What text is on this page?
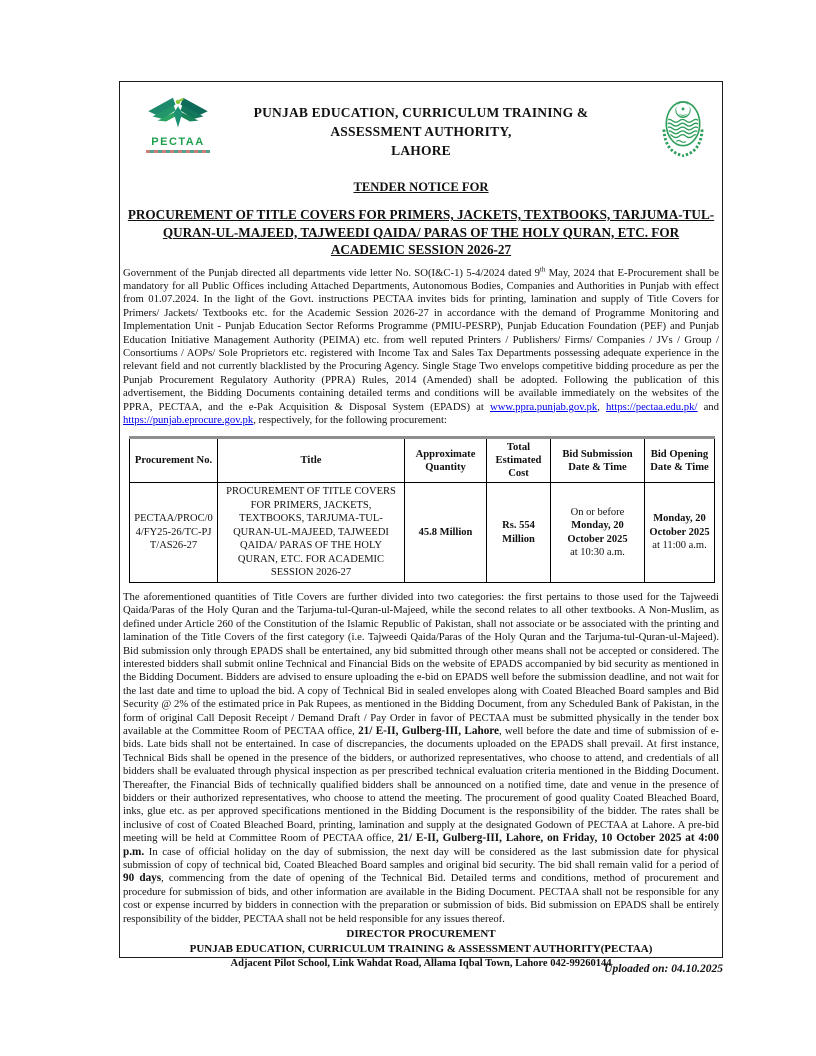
PECTAA
PUNJAB EDUCATION, CURRICULUM TRAINING &
ASSESSMENT AUTHORITY,
LAHORE
TENDER NOTICE FOR
PROCUREMENT OF TITLE COVERS FOR PRIMERS, JACKETS, TEXTBOOKS, TARJUMA-TUL-QURAN-UL-MAJEED, TAJWEEDI QAIDA/ PARAS OF THE HOLY QURAN, ETC. FOR ACADEMIC SESSION 2026-27
Government of the Punjab directed all departments vide letter No. SO(I&C-1) 5-4/2024 dated 9th May, 2024 that E-Procurement shall be mandatory for all Public Offices including Attached Departments, Autonomous Bodies, Companies and Authorities in Punjab with effect from 01.07.2024. In the light of the Govt. instructions PECTAA invites bids for printing, lamination and supply of Title Covers for Primers/ Jackets/ Textbooks etc. for the Academic Session 2026-27 in accordance with the demand of Programme Monitoring and Implementation Unit - Punjab Education Sector Reforms Programme (PMIU-PESRP), Punjab Education Foundation (PEF) and Punjab Education Initiative Management Authority (PEIMA) etc. from well reputed Printers / Publishers/ Firms/ Companies / JVs / Group / Consortiums / AOPs/ Sole Proprietors etc. registered with Income Tax and Sales Tax Departments possessing adequate experience in the relevant field and not currently blacklisted by the Procuring Agency. Single Stage Two envelops competitive bidding procedure as per the Punjab Procurement Regulatory Authority (PPRA) Rules, 2014 (Amended) shall be adopted. Following the publication of this advertisement, the Bidding Documents containing detailed terms and conditions will be available immediately on the websites of the PPRA, PECTAA, and the e-Pak Acquisition & Disposal System (EPADS) at www.ppra.punjab.gov.pk, https://pectaa.edu.pk/ and https://punjab.eprocure.gov.pk, respectively, for the following procurement:
Procurement No.	Title	Approximate Quantity	Total Estimated Cost	Bid Submission Date & Time	Bid Opening Date & Time
PECTAA/PROC/04/FY25-26/TC-PJT/AS26-27	PROCUREMENT OF TITLE COVERS FOR PRIMERS, JACKETS, TEXTBOOKS, TARJUMA-TUL-QURAN-UL-MAJEED, TAJWEEDI QAIDA/ PARAS OF THE HOLY QURAN, ETC. FOR ACADEMIC SESSION 2026-27	45.8 Million	Rs. 554 Million	On or before
Monday, 20 October 2025
at 10:30 a.m.	Monday, 20 October 2025
at 11:00 a.m.
The aforementioned quantities of Title Covers are further divided into two categories: the first pertains to those used for the Tajweedi Qaida/Paras of the Holy Quran and the Tarjuma-tul-Quran-ul-Majeed, while the second relates to all other textbooks. A Non-Muslim, as defined under Article 260 of the Constitution of the Islamic Republic of Pakistan, shall not associate or be associated with the printing and lamination of the Title Covers of the first category (i.e. Tajweedi Qaida/Paras of the Holy Quran and the Tarjuma-tul-Quran-ul-Majeed). Bid submission only through EPADS shall be entertained, any bid submitted through other means shall not be accepted or considered. The interested bidders shall submit online Technical and Financial Bids on the website of EPADS accompanied by bid security as mentioned in the Bidding Document. Bidders are advised to ensure uploading the e-bid on EPADS well before the submission deadline, and not wait for the last date and time to upload the bid. A copy of Technical Bid in sealed envelopes along with Coated Bleached Board samples and Bid Security @ 2% of the estimated price in Pak Rupees, as mentioned in the Bidding Document, from any Scheduled Bank of Pakistan, in the form of original Call Deposit Receipt / Demand Draft / Pay Order in favor of PECTAA must be submitted physically in the tender box available at the Committee Room of PECTAA office, 21/ E-II, Gulberg-III, Lahore, well before the date and time of submission of e-bids. Late bids shall not be entertained. In case of discrepancies, the documents uploaded on the EPADS shall prevail. At first instance, Technical Bids shall be opened in the presence of the bidders, or authorized representatives, who choose to attend, and credentials of all bidders shall be evaluated through physical inspection as per prescribed technical evaluation criteria mentioned in the Bidding Document. Thereafter, the Financial Bids of technically qualified bidders shall be announced on a notified time, date and venue in the presence of bidders or their authorized representatives, who choose to attend the meeting. The procurement of good quality Coated Bleached Board, inks, glue etc. as per approved specifications mentioned in the Bidding Document is the responsibility of the bidder. The rates shall be inclusive of cost of Coated Bleached Board, printing, lamination and supply at the designated Godown of PECTAA at Lahore. A pre-bid meeting will be held at Committee Room of PECTAA office, 21/ E-II, Gulberg-III, Lahore, on Friday, 10 October 2025 at 4:00 p.m. In case of official holiday on the day of submission, the next day will be considered as the last submission date for physical submission of copy of technical bid, Coated Bleached Board samples and original bid security. The bid shall remain valid for a period of 90 days, commencing from the date of opening of the Technical Bid. Detailed terms and conditions, method of procurement and procedure for submission of bids, and other information are available in the Biding Document. PECTAA shall not be responsible for any cost or expense incurred by bidders in connection with the preparation or submission of bids. Bid submission on EPADS shall be entirely responsibility of the bidder, PECTAA shall not be held responsible for any issues thereof.
DIRECTOR PROCUREMENT
PUNJAB EDUCATION, CURRICULUM TRAINING & ASSESSMENT AUTHORITY(PECTAA)
Adjacent Pilot School, Link Wahdat Road, Allama Iqbal Town, Lahore 042-99260144
Uploaded on: 04.10.2025
